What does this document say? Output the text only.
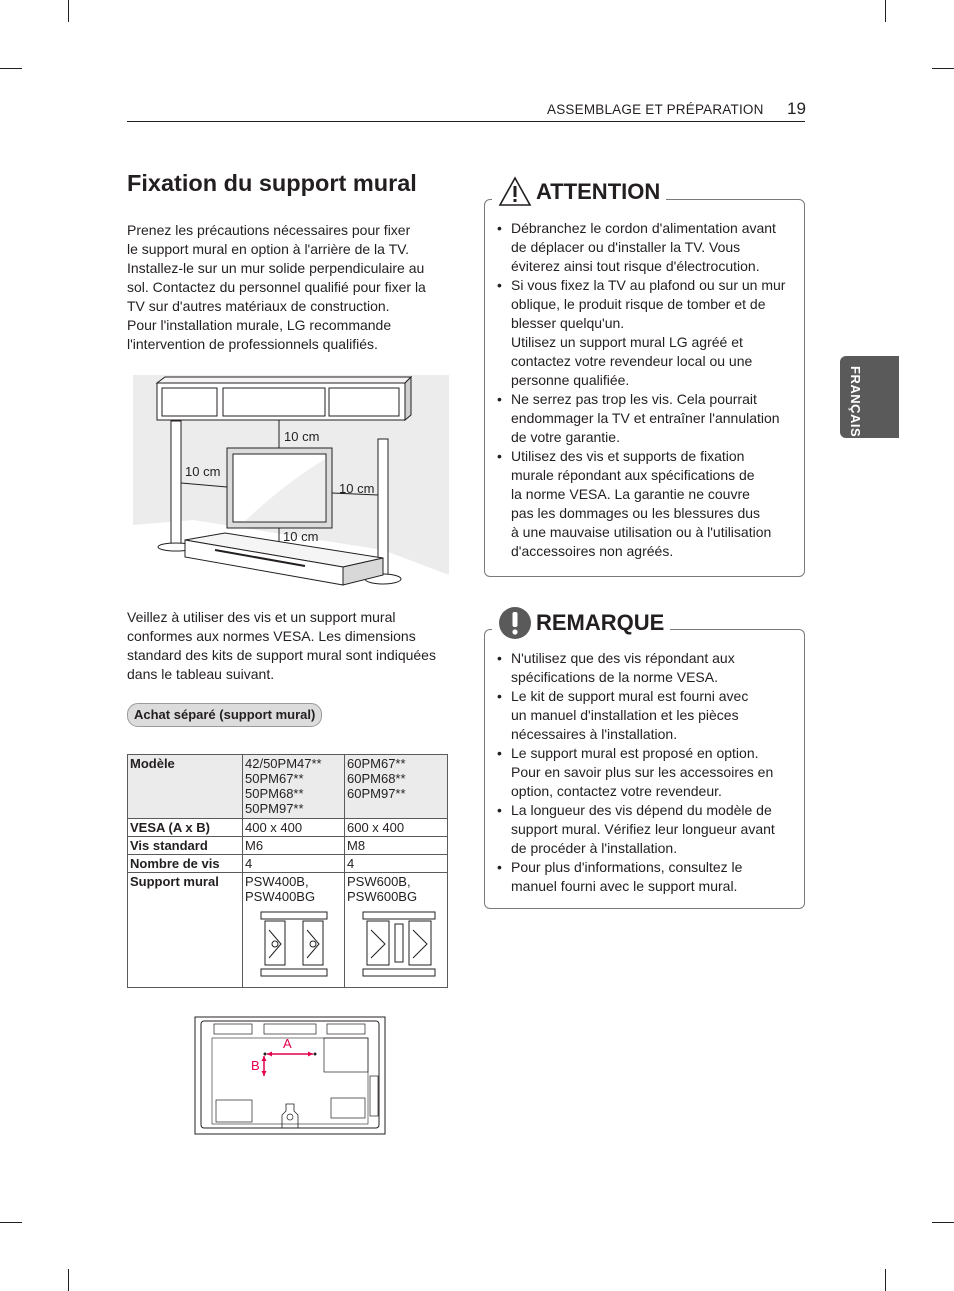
ASSEMBLAGE ET PRÉPARATION 19
FRANÇAIS
Fixation du support mural
Prenez les précautions nécessaires pour fixer
le support mural en option à l'arrière de la TV.
Installez-le sur un mur solide perpendiculaire au
sol. Contactez du personnel qualifié pour fixer la
TV sur d'autres matériaux de construction.
Pour l'installation murale, LG recommande
l'intervention de professionnels qualifiés.
10 cm
10 cm
10 cm
10 cm
Veillez à utiliser des vis et un support mural
conformes aux normes VESA. Les dimensions
standard des kits de support mural sont indiquées
dans le tableau suivant.
Achat séparé (support mural)
Modèle	42/50PM47**
50PM67**
50PM68**
50PM97**	60PM67**
60PM68**
60PM97**
VESA (A x B)	400 x 400	600 x 400
Vis standard	M6	M8
Nombre de vis	4	4
Support mural	PSW400B,
PSW400BG	PSW600B,
PSW600BG
A
B
ATTENTION
• Débranchez le cordon d'alimentation avant
de déplacer ou d'installer la TV. Vous
éviterez ainsi tout risque d'électrocution.
• Si vous fixez la TV au plafond ou sur un mur
oblique, le produit risque de tomber et de
blesser quelqu'un.
Utilisez un support mural LG agréé et
contactez votre revendeur local ou une
personne qualifiée.
• Ne serrez pas trop les vis. Cela pourrait
endommager la TV et entraîner l'annulation
de votre garantie.
• Utilisez des vis et supports de fixation
murale répondant aux spécifications de
la norme VESA. La garantie ne couvre
pas les dommages ou les blessures dus
à une mauvaise utilisation ou à l'utilisation
d'accessoires non agréés.
REMARQUE
• N'utilisez que des vis répondant aux
spécifications de la norme VESA.
• Le kit de support mural est fourni avec
un manuel d'installation et les pièces
nécessaires à l'installation.
• Le support mural est proposé en option.
Pour en savoir plus sur les accessoires en
option, contactez votre revendeur.
• La longueur des vis dépend du modèle de
support mural. Vérifiez leur longueur avant
de procéder à l'installation.
• Pour plus d'informations, consultez le
manuel fourni avec le support mural.
